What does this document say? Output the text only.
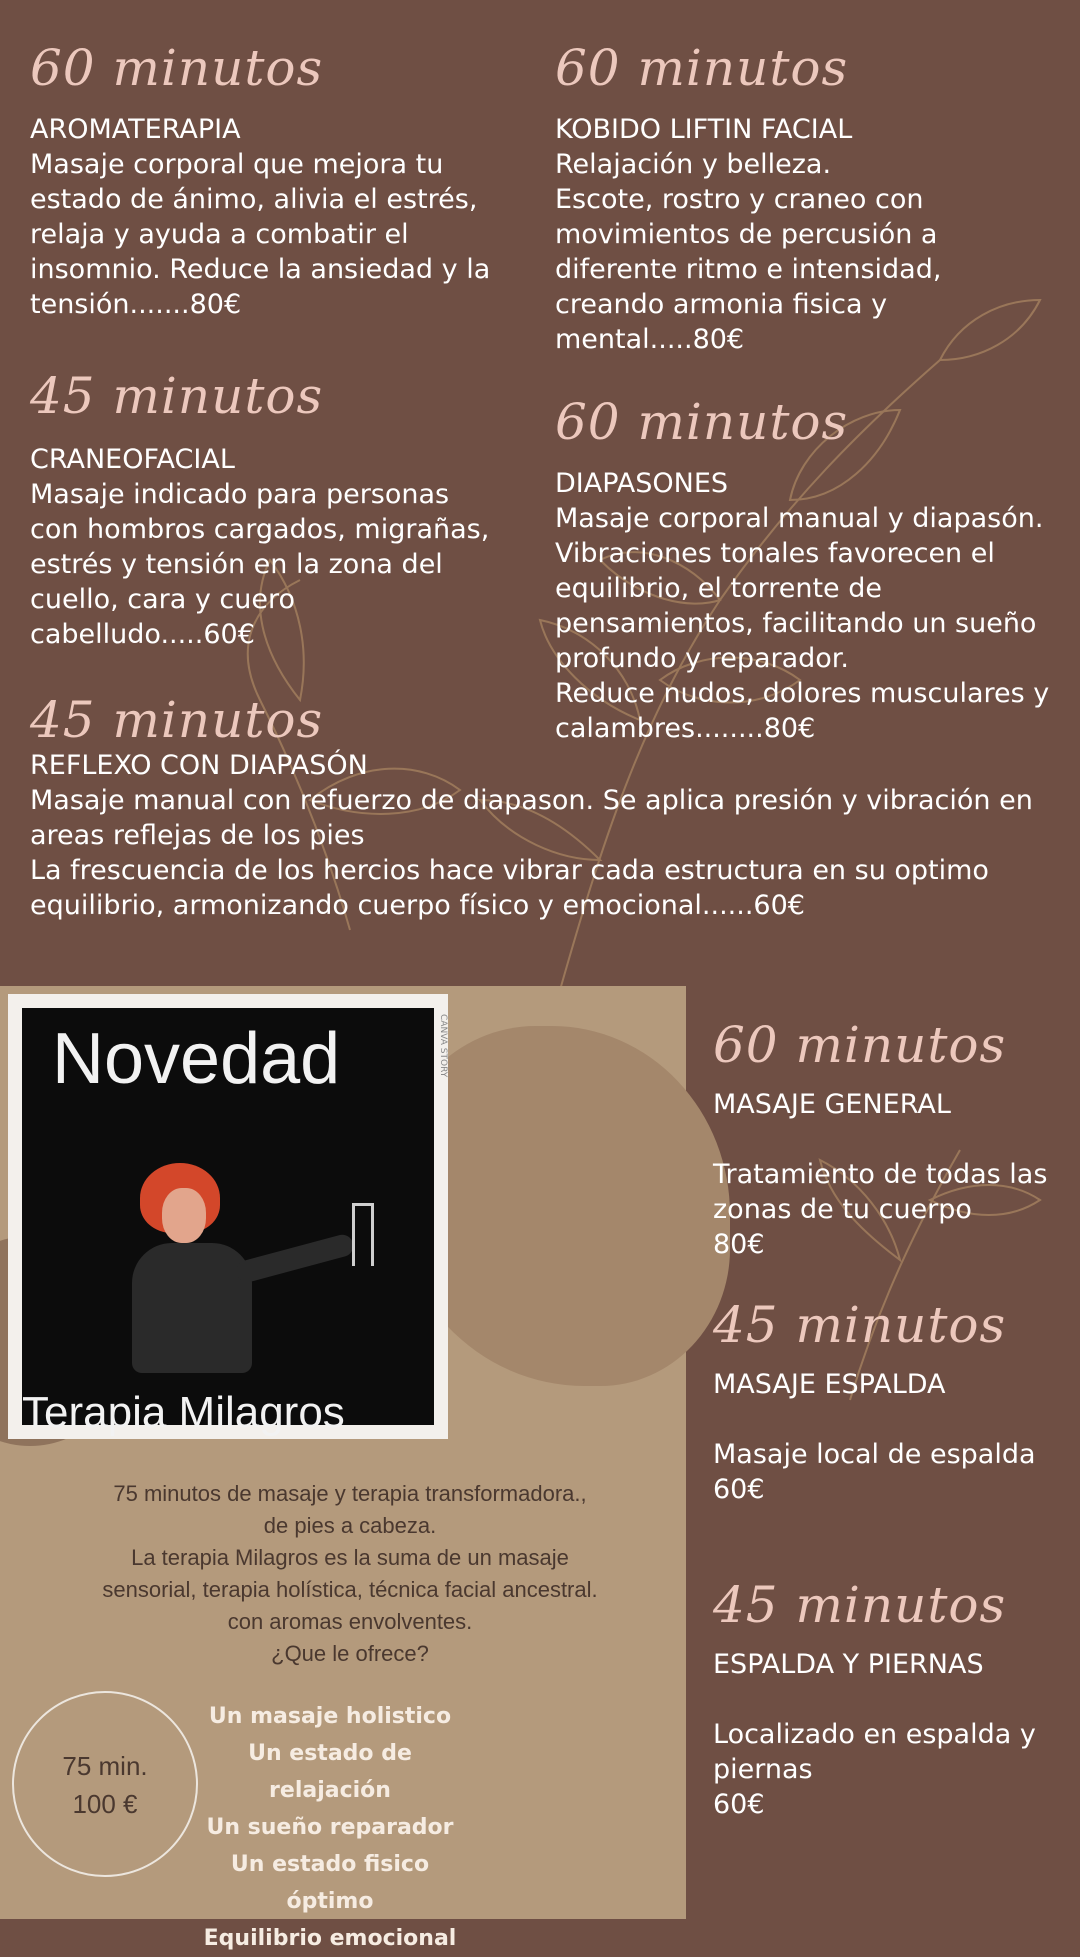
60 minutos
AROMATERAPIA
Masaje corporal que mejora tu
estado de ánimo, alivia el estrés,
relaja y ayuda a combatir el
insomnio. Reduce la ansiedad y la
tensión.......80€
60 minutos
KOBIDO LIFTIN FACIAL
Relajación y belleza.
Escote, rostro y craneo con
movimientos de percusión a
diferente ritmo e intensidad,
creando armonia fisica y
mental.....80€
45 minutos
CRANEOFACIAL
Masaje indicado para personas
con hombros cargados, migrañas,
estrés y tensión en la zona del
cuello, cara y cuero
cabelludo.....60€
60 minutos
DIAPASONES
Masaje corporal manual y diapasón.
Vibraciones tonales favorecen el
equilibrio, el torrente de
pensamientos, facilitando un sueño
profundo y reparador.
Reduce nudos, dolores musculares y
calambres........80€
45 minutos
REFLEXO CON DIAPASÓN
Masaje manual con refuerzo de diapason. Se aplica presión y vibración en
areas reflejas de los pies
La frescuencia de los hercios hace vibrar cada estructura en su optimo
equilibrio, armonizando cuerpo físico y emocional......60€
Novedad
Terapia Milagros
CANVA STORY

75 minutos de masaje y terapia transformadora.,

de pies a cabeza.

La terapia Milagros es la suma de un masaje

sensorial, terapia holística, técnica facial ancestral.

con aromas envolventes.

¿Que le ofrece?

75 min.
100 €
Un masaje holistico
Un estado de relajación
Un sueño reparador
Un estado fisico óptimo
Equilibrio emocional
60 minutos
MASAJE GENERAL
Tratamiento de todas las
zonas de tu cuerpo
80€
45 minutos
MASAJE ESPALDA
Masaje local de espalda
60€
45 minutos
ESPALDA Y PIERNAS
Localizado en espalda y
piernas
60€
